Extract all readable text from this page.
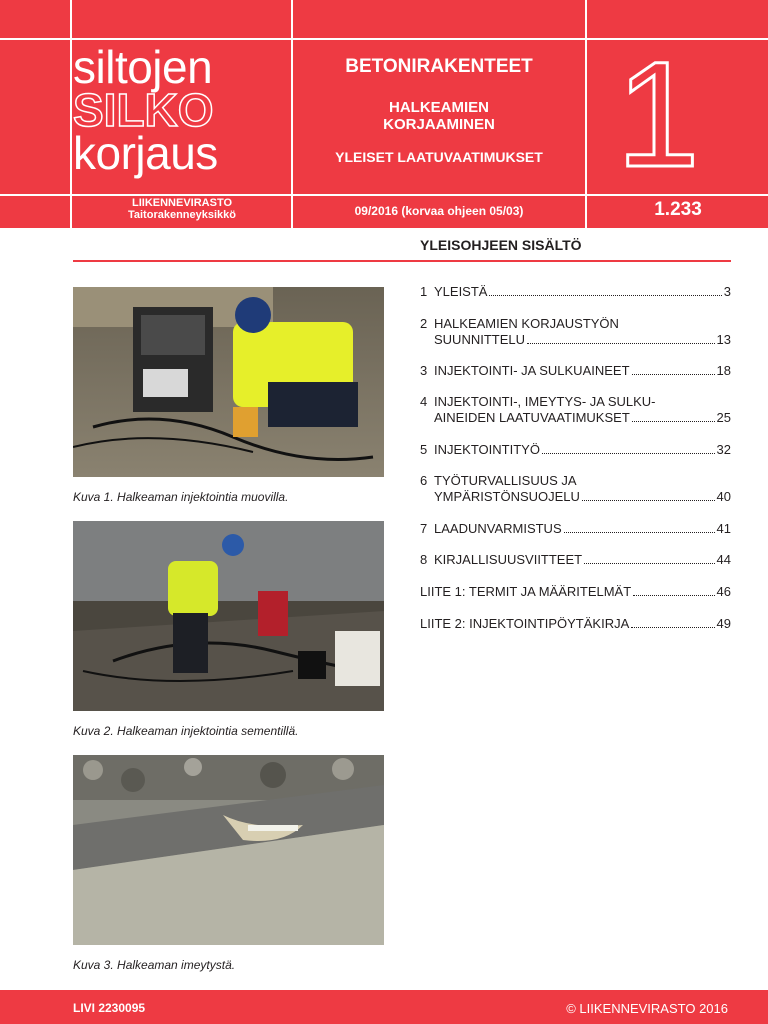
siltojen
SILKO
korjaus
BETONIRAKENTEET
HALKEAMIEN
KORJAAMINEN
YLEISET LAATUVAATIMUKSET 1
LIIKENNEVIRASTO
Taitorakenneyksikkö	09/2016 (korvaa ohjeen 05/03)	1.233
YLEISOHJEEN SISÄLTÖ
Kuva 1. Halkeaman injektointia muovilla.
Kuva 2. Halkeaman injektointia sementillä.
Kuva 3. Halkeaman imeytystä.
1 YLEISTÄ	3
2 HALKEAMIEN KORJAUSTYÖN
SUUNNITTELU	13
3 INJEKTOINTI- JA SULKUAINEET	18
4 INJEKTOINTI-, IMEYTYS- JA SULKU-
AINEIDEN LAATUVAATIMUKSET	25
5 INJEKTOINTITYÖ	32
6 TYÖTURVALLISUUS JA
YMPÄRISTÖNSUOJELU	40
7 LAADUNVARMISTUS	41
8 KIRJALLISUUSVIITTEET	44
LIITE 1: TERMIT JA MÄÄRITELMÄT	46
LIITE 2: INJEKTOINTIPÖYTÄKIRJA	49
LIVI 2230095	© LIIKENNEVIRASTO 2016
